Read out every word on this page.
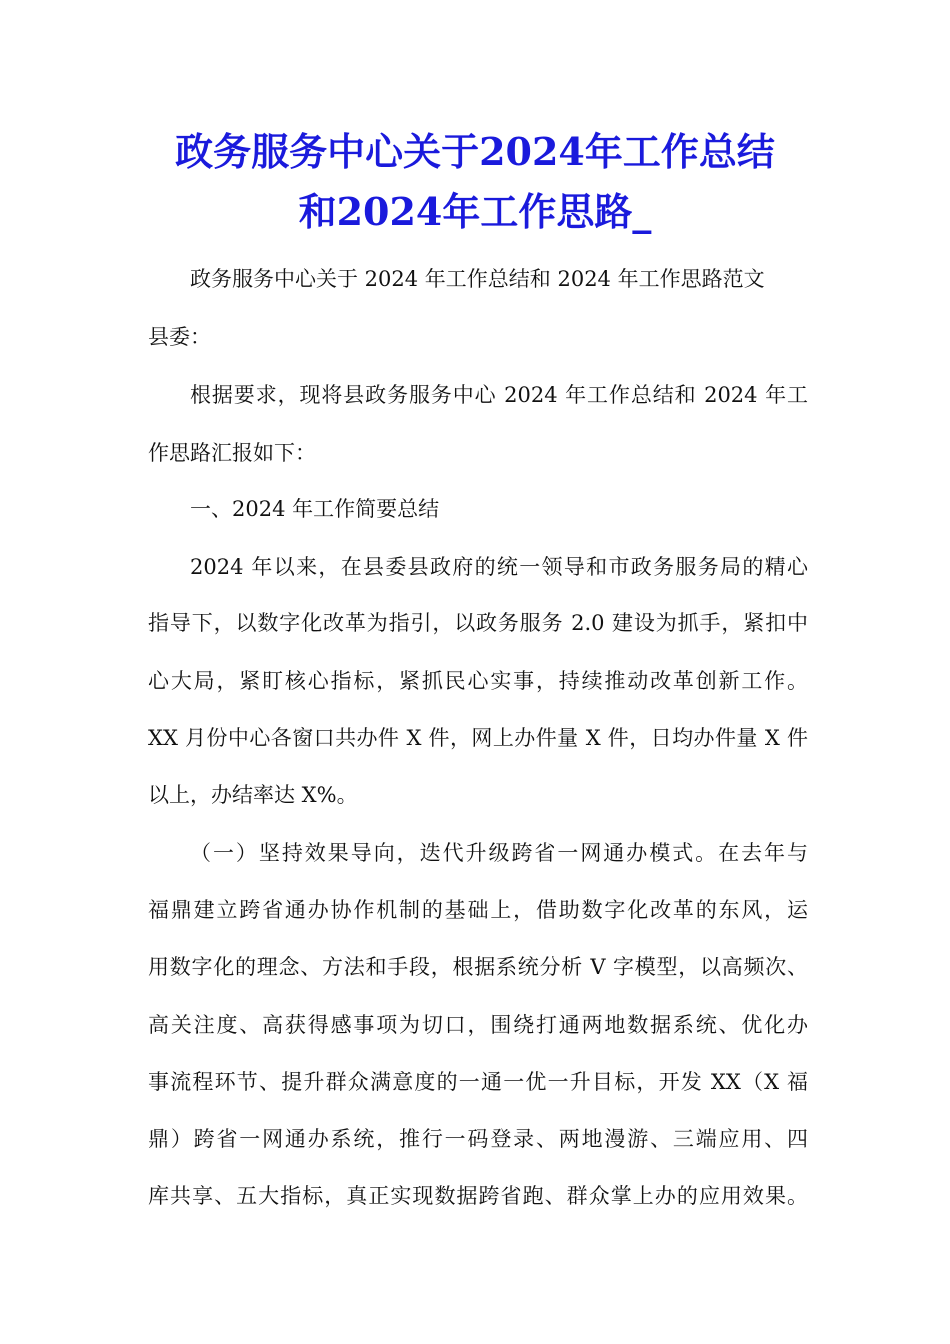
政务服务中心关于2024年工作总结
和2024年工作思路_

政务服务中心关于 2024 年工作总结和 2024 年工作思路范文

县委：

根据要求，现将县政务服务中心 2024 年工作总结和 2024 年工

作思路汇报如下：

一、2024 年工作简要总结

2024 年以来，在县委县政府的统一领导和市政务服务局的精心

指导下，以数字化改革为指引，以政务服务 2.0 建设为抓手，紧扣中

心大局，紧盯核心指标，紧抓民心实事，持续推动改革创新工作。

XX 月份中心各窗口共办件 X 件，网上办件量 X 件，日均办件量 X 件

以上，办结率达 X%。

（一）坚持效果导向，迭代升级跨省一网通办模式。在去年与

福鼎建立跨省通办协作机制的基础上，借助数字化改革的东风，运

用数字化的理念、方法和手段，根据系统分析 V 字模型，以高频次、

高关注度、高获得感事项为切口，围绕打通两地数据系统、优化办

事流程环节、提升群众满意度的一通一优一升目标，开发 XX（X 福

鼎）跨省一网通办系统，推行一码登录、两地漫游、三端应用、四

库共享、五大指标，真正实现数据跨省跑、群众掌上办的应用效果。
